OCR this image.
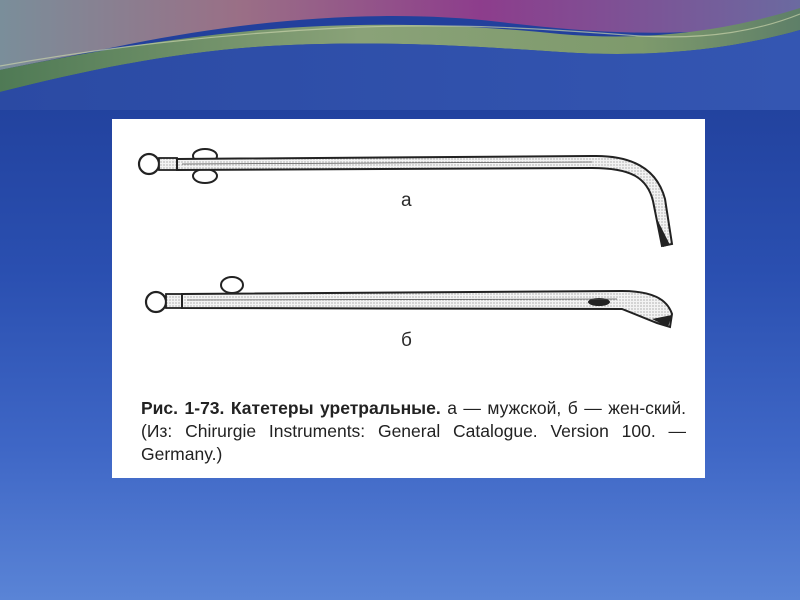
а
б
Рис. 1-73. Катетеры уретральные. а — мужской, б — жен-ский. (Из: Chirurgie Instruments: General Catalogue. Version 100. — Germany.)
